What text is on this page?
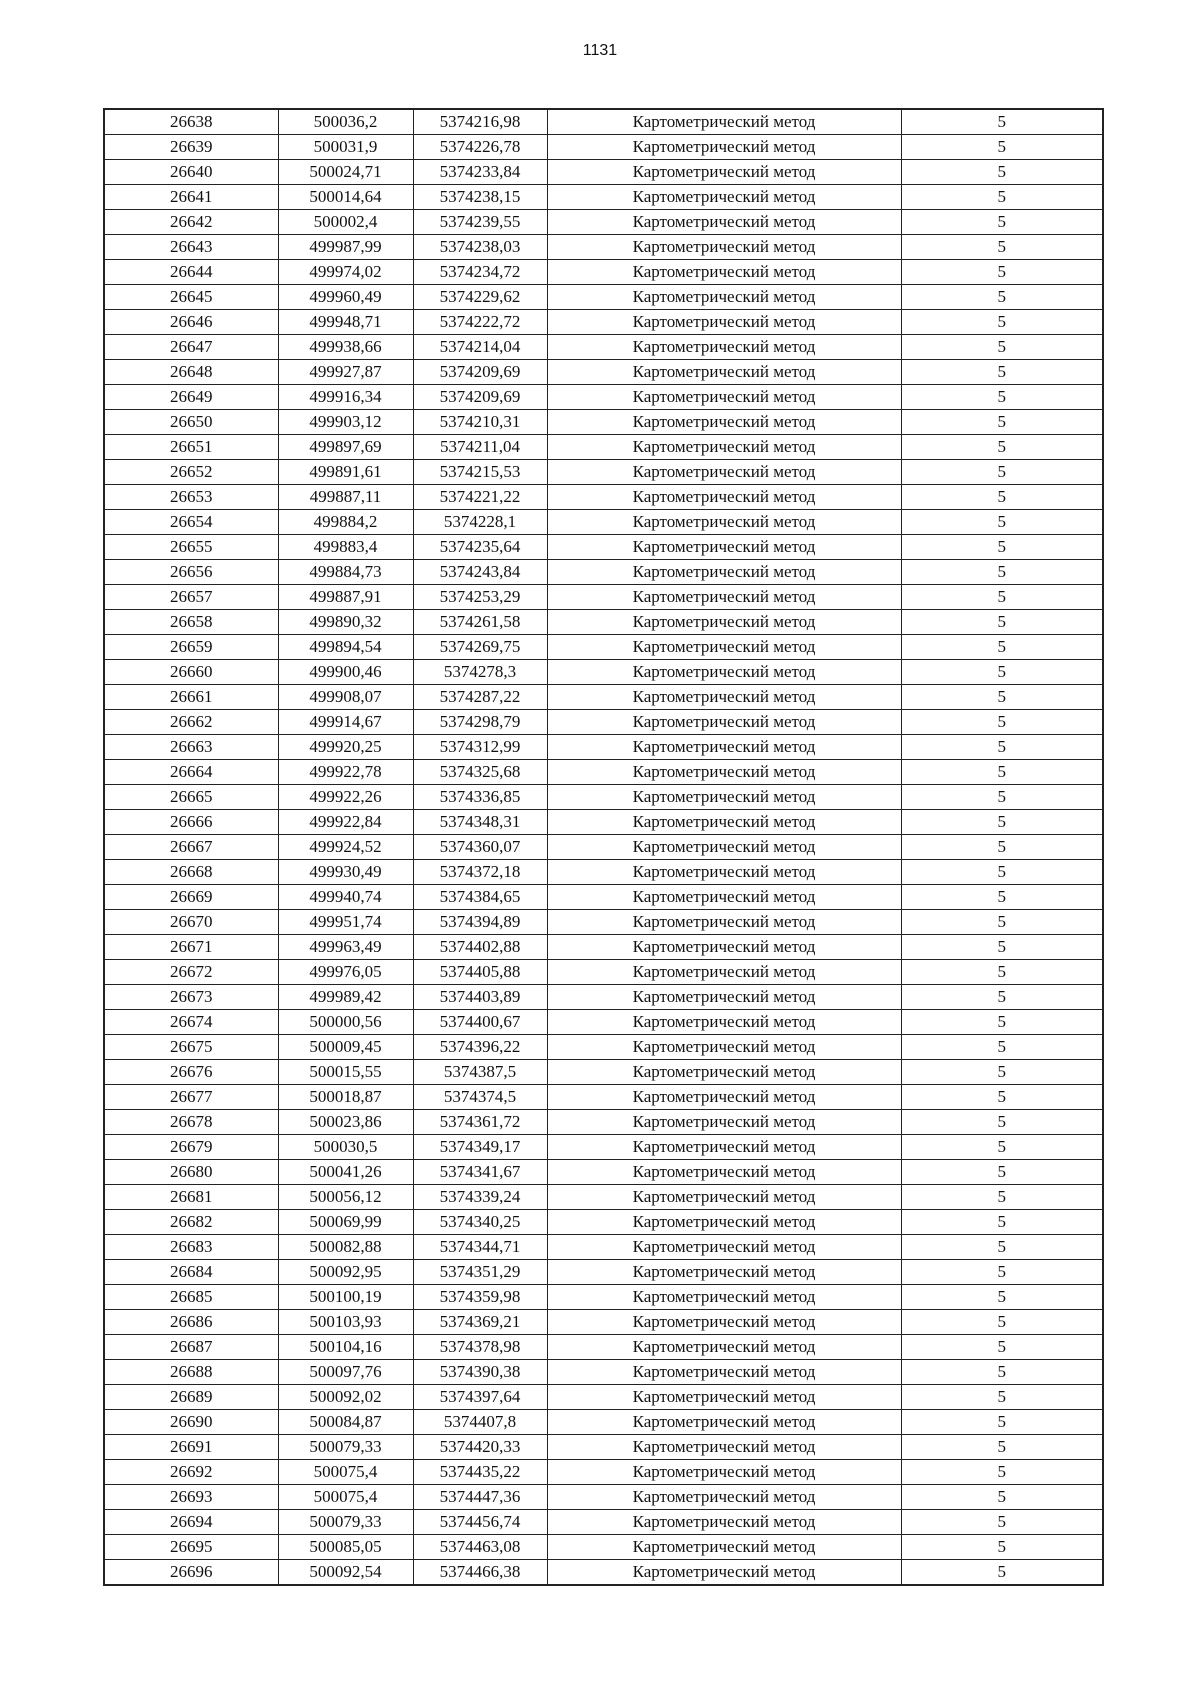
1131
26638	500036,2	5374216,98	Картометрический метод	5
26639	500031,9	5374226,78	Картометрический метод	5
26640	500024,71	5374233,84	Картометрический метод	5
26641	500014,64	5374238,15	Картометрический метод	5
26642	500002,4	5374239,55	Картометрический метод	5
26643	499987,99	5374238,03	Картометрический метод	5
26644	499974,02	5374234,72	Картометрический метод	5
26645	499960,49	5374229,62	Картометрический метод	5
26646	499948,71	5374222,72	Картометрический метод	5
26647	499938,66	5374214,04	Картометрический метод	5
26648	499927,87	5374209,69	Картометрический метод	5
26649	499916,34	5374209,69	Картометрический метод	5
26650	499903,12	5374210,31	Картометрический метод	5
26651	499897,69	5374211,04	Картометрический метод	5
26652	499891,61	5374215,53	Картометрический метод	5
26653	499887,11	5374221,22	Картометрический метод	5
26654	499884,2	5374228,1	Картометрический метод	5
26655	499883,4	5374235,64	Картометрический метод	5
26656	499884,73	5374243,84	Картометрический метод	5
26657	499887,91	5374253,29	Картометрический метод	5
26658	499890,32	5374261,58	Картометрический метод	5
26659	499894,54	5374269,75	Картометрический метод	5
26660	499900,46	5374278,3	Картометрический метод	5
26661	499908,07	5374287,22	Картометрический метод	5
26662	499914,67	5374298,79	Картометрический метод	5
26663	499920,25	5374312,99	Картометрический метод	5
26664	499922,78	5374325,68	Картометрический метод	5
26665	499922,26	5374336,85	Картометрический метод	5
26666	499922,84	5374348,31	Картометрический метод	5
26667	499924,52	5374360,07	Картометрический метод	5
26668	499930,49	5374372,18	Картометрический метод	5
26669	499940,74	5374384,65	Картометрический метод	5
26670	499951,74	5374394,89	Картометрический метод	5
26671	499963,49	5374402,88	Картометрический метод	5
26672	499976,05	5374405,88	Картометрический метод	5
26673	499989,42	5374403,89	Картометрический метод	5
26674	500000,56	5374400,67	Картометрический метод	5
26675	500009,45	5374396,22	Картометрический метод	5
26676	500015,55	5374387,5	Картометрический метод	5
26677	500018,87	5374374,5	Картометрический метод	5
26678	500023,86	5374361,72	Картометрический метод	5
26679	500030,5	5374349,17	Картометрический метод	5
26680	500041,26	5374341,67	Картометрический метод	5
26681	500056,12	5374339,24	Картометрический метод	5
26682	500069,99	5374340,25	Картометрический метод	5
26683	500082,88	5374344,71	Картометрический метод	5
26684	500092,95	5374351,29	Картометрический метод	5
26685	500100,19	5374359,98	Картометрический метод	5
26686	500103,93	5374369,21	Картометрический метод	5
26687	500104,16	5374378,98	Картометрический метод	5
26688	500097,76	5374390,38	Картометрический метод	5
26689	500092,02	5374397,64	Картометрический метод	5
26690	500084,87	5374407,8	Картометрический метод	5
26691	500079,33	5374420,33	Картометрический метод	5
26692	500075,4	5374435,22	Картометрический метод	5
26693	500075,4	5374447,36	Картометрический метод	5
26694	500079,33	5374456,74	Картометрический метод	5
26695	500085,05	5374463,08	Картометрический метод	5
26696	500092,54	5374466,38	Картометрический метод	5
